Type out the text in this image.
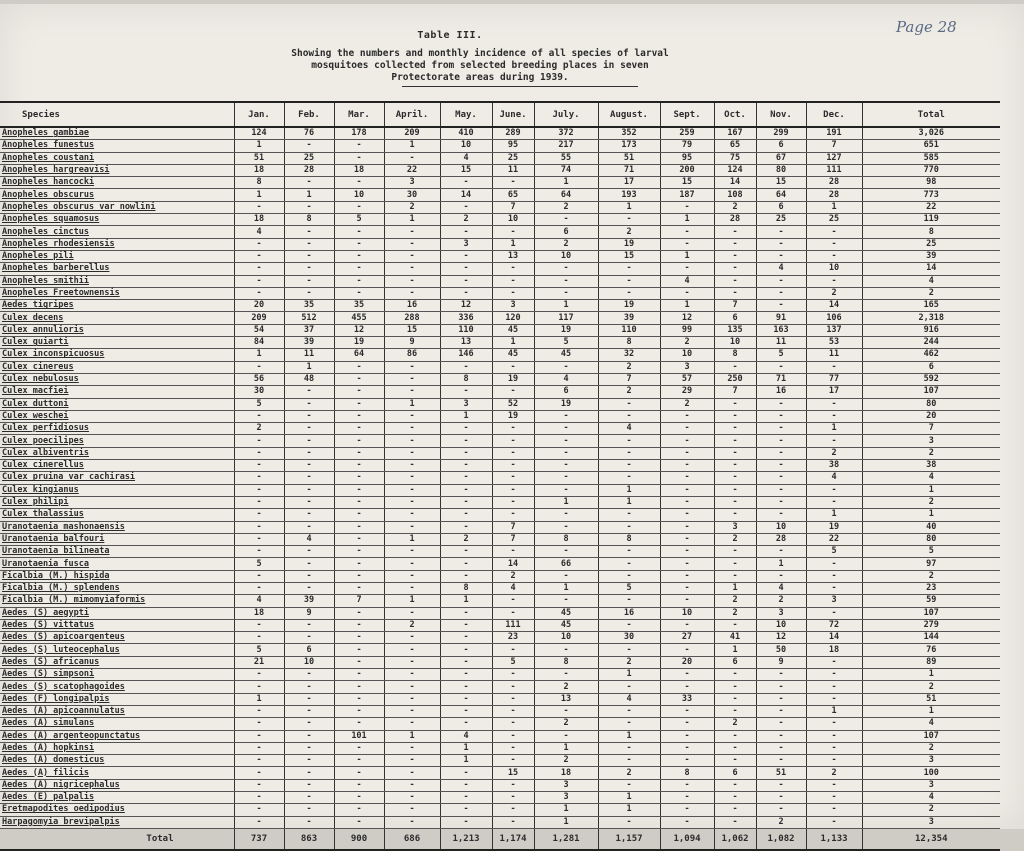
Table III.
Showing the numbers and monthly incidence of all species of larval
mosquitoes collected from selected breeding places in seven
Protectorate areas during 1939.
Page 28
Species	Jan.	Feb.	Mar.	April.	May.	June.	July.	August.	Sept.	Oct.	Nov.	Dec.	Total
Anopheles gambiae	124	76	178	209	410	289	372	352	259	167	299	191	3,026
Anopheles funestus	1	-	-	1	10	95	217	173	79	65	6	7	651
Anopheles coustani	51	25	-	-	4	25	55	51	95	75	67	127	585
Anopheles hargreavisi	18	28	18	22	15	11	74	71	200	124	80	111	770
Anopheles hancocki	8	-	-	3	-	-	1	17	15	14	15	28	98
Anopheles obscurus	1	1	10	30	14	65	64	193	187	108	64	28	773
Anopheles obscurus var nowlini	-	-	-	2	-	7	2	1	-	2	6	1	22
Anopheles squamosus	18	8	5	1	2	10	-	-	1	28	25	25	119
Anopheles cinctus	4	-	-	-	-	-	6	2	-	-	-	-	8
Anopheles rhodesiensis	-	-	-	-	3	1	2	19	-	-	-	-	25
Anopheles pili	-	-	-	-	-	13	10	15	1	-	-	-	39
Anopheles barberellus	-	-	-	-	-	-	-	-	-	-	4	10	14
Anopheles smithii	-	-	-	-	-	-	-	-	4	-	-	-	4
Anopheles Freetownensis	-	-	-	-	-	-	-	-	-	-	-	2	2
Aedes tigripes	20	35	35	16	12	3	1	19	1	7	-	14	165
Culex decens	209	512	455	288	336	120	117	39	12	6	91	106	2,318
Culex annulioris	54	37	12	15	110	45	19	110	99	135	163	137	916
Culex guiarti	84	39	19	9	13	1	5	8	2	10	11	53	244
Culex inconspicuosus	1	11	64	86	146	45	45	32	10	8	5	11	462
Culex cinereus	-	1	-	-	-	-	-	2	3	-	-	-	6
Culex nebulosus	56	48	-	-	8	19	4	7	57	250	71	77	592
Culex macfiei	30	-	-	-	-	-	6	2	29	7	16	17	107
Culex duttoni	5	-	-	1	3	52	19	-	2	-	-	-	80
Culex weschei	-	-	-	-	1	19	-	-	-	-	-	-	20
Culex perfidiosus	2	-	-	-	-	-	-	4	-	-	-	1	7
Culex poecilipes	-	-	-	-	-	-	-	-	-	-	-	-	3
Culex albiventris	-	-	-	-	-	-	-	-	-	-	-	2	2
Culex cinerellus	-	-	-	-	-	-	-	-	-	-	-	38	38
Culex pruina var cachirasi	-	-	-	-	-	-	-	-	-	-	-	4	4
Culex kingianus	-	-	-	-	-	-	-	1	-	-	-	-	1
Culex philipi	-	-	-	-	-	-	1	1	-	-	-	-	2
Culex thalassius	-	-	-	-	-	-	-	-	-	-	-	1	1
Uranotaenia mashonaensis	-	-	-	-	-	7	-	-	-	3	10	19	40
Uranotaenia balfouri	-	4	-	1	2	7	8	8	-	2	28	22	80
Uranotaenia bilineata	-	-	-	-	-	-	-	-	-	-	-	5	5
Uranotaenia fusca	5	-	-	-	-	14	66	-	-	-	1	-	97
Ficalbia (M.) hispida	-	-	-	-	-	2	-	-	-	-	-	-	2
Ficalbia (M.) splendens	-	-	-	-	8	4	1	5	-	1	4	-	23
Ficalbia (M.) mimomyiaformis	4	39	7	1	1	-	-	-	-	2	2	3	59
Aedes (S) aegypti	18	9	-	-	-	-	45	16	10	2	3	-	107
Aedes (S) vittatus	-	-	-	2	-	111	45	-	-	-	10	72	279
Aedes (S) apicoargenteus	-	-	-	-	-	23	10	30	27	41	12	14	144
Aedes (S) luteocephalus	5	6	-	-	-	-	-	-	-	1	50	18	76
Aedes (S) africanus	21	10	-	-	-	5	8	2	20	6	9	-	89
Aedes (S) simpsoni	-	-	-	-	-	-	-	1	-	-	-	-	1
Aedes (S) scatophagoides	-	-	-	-	-	-	2	-	-	-	-	-	2
Aedes (F) longipalpis	1	-	-	-	-	-	13	4	33	-	-	-	51
Aedes (A) apicoannulatus	-	-	-	-	-	-	-	-	-	-	-	1	1
Aedes (A) simulans	-	-	-	-	-	-	2	-	-	2	-	-	4
Aedes (A) argenteopunctatus	-	-	101	1	4	-	-	1	-	-	-	-	107
Aedes (A) hopkinsi	-	-	-	-	1	-	1	-	-	-	-	-	2
Aedes (A) domesticus	-	-	-	-	1	-	2	-	-	-	-	-	3
Aedes (A) filicis	-	-	-	-	-	15	18	2	8	6	51	2	100
Aedes (A) nigricephalus	-	-	-	-	-	-	3	-	-	-	-	-	3
Aedes (E) palpalis	-	-	-	-	-	-	3	1	-	-	-	-	4
Eretmapodites oedipodius	-	-	-	-	-	-	1	1	-	-	-	-	2
Harpagomyia brevipalpis	-	-	-	-	-	-	1	-	-	-	2	-	3
Total	737	863	900	686	1,213	1,174	1,281	1,157	1,094	1,062	1,082	1,133	12,354
